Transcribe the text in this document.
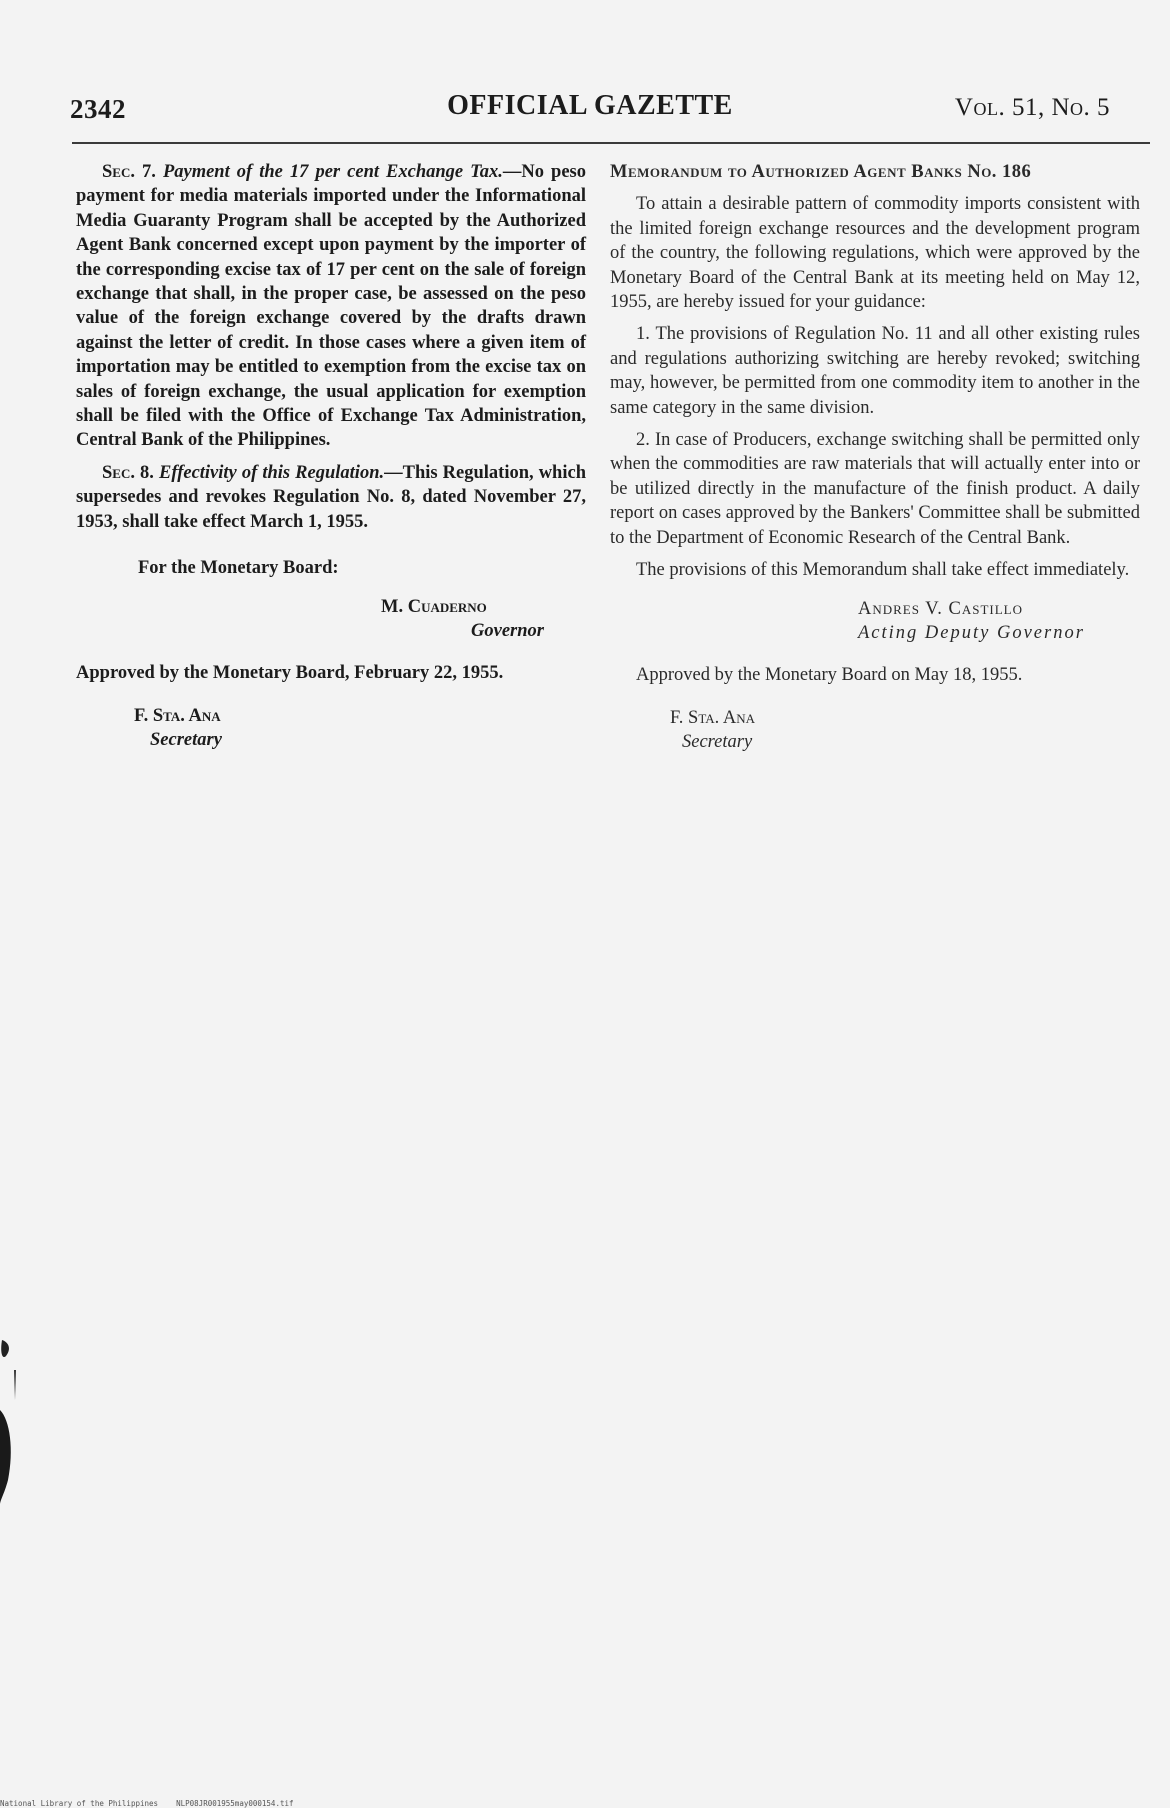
2342	OFFICIAL GAZETTE	Vol. 51, No. 5

Sec. 7. Payment of the 17 per cent Exchange Tax.—No peso payment for media materials imported under the Informational Media Guaranty Program shall be accepted by the Authorized Agent Bank concerned except upon payment by the importer of the corresponding excise tax of 17 per cent on the sale of foreign exchange that shall, in the proper case, be assessed on the peso value of the foreign exchange covered by the drafts drawn against the letter of credit. In those cases where a given item of importation may be entitled to exemption from the excise tax on sales of foreign exchange, the usual application for exemption shall be filed with the Office of Exchange Tax Administration, Central Bank of the Philippines.

Sec. 8. Effectivity of this Regulation.—This Regulation, which supersedes and revokes Regulation No. 8, dated November 27, 1953, shall take effect March 1, 1955.

For the Monetary Board:

M. Cuaderno
Governor

Approved by the Monetary Board, February 22, 1955.

F. Sta. Ana
Secretary

Memorandum to Authorized Agent Banks No. 186

To attain a desirable pattern of commodity imports consistent with the limited foreign exchange resources and the development program of the country, the following regulations, which were approved by the Monetary Board of the Central Bank at its meeting held on May 12, 1955, are hereby issued for your guidance:

1. The provisions of Regulation No. 11 and all other existing rules and regulations authorizing switching are hereby revoked; switching may, however, be permitted from one commodity item to another in the same category in the same division.

2. In case of Producers, exchange switching shall be permitted only when the commodities are raw materials that will actually enter into or be utilized directly in the manufacture of the finish product. A daily report on cases approved by the Bankers' Committee shall be submitted to the Department of Economic Research of the Central Bank.

The provisions of this Memorandum shall take effect immediately.

Andres V. Castillo
Acting Deputy Governor

Approved by the Monetary Board on May 18, 1955.

F. Sta. Ana
Secretary
National Library of the Philippines    NLP08JR001955may000154.tif
